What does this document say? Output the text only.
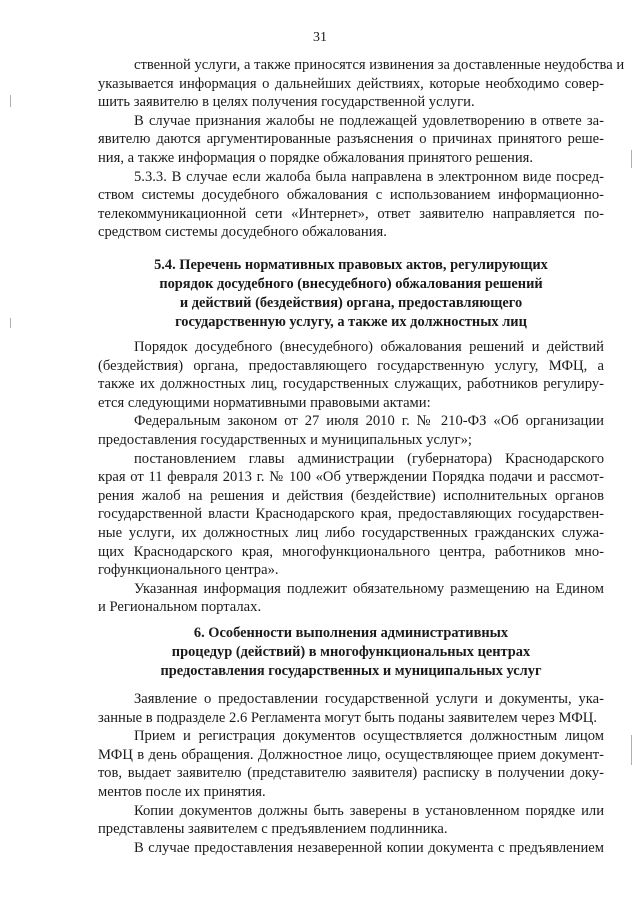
31
ственной услуги, а также приносятся извинения за доставленные неудобства и
указывается информация о дальнейших действиях, которые необходимо совер-
шить заявителю в целях получения государственной услуги.
В случае признания жалобы не подлежащей удовлетворению в ответе за-
явителю даются аргументированные разъяснения о причинах принятого реше-
ния, а также информация о порядке обжалования принятого решения.
5.3.3. В случае если жалоба была направлена в электронном виде посред-
ством системы досудебного обжалования с использованием информационно-
телекоммуникационной сети «Интернет», ответ заявителю направляется по-
средством системы досудебного обжалования.
5.4. Перечень нормативных правовых актов, регулирующих
порядок досудебного (внесудебного) обжалования решений
и действий (бездействия) органа, предоставляющего
государственную услугу, а также их должностных лиц
Порядок досудебного (внесудебного) обжалования решений и действий
(бездействия) органа, предоставляющего государственную услугу, МФЦ, а
также их должностных лиц, государственных служащих, работников регулиру-
ется следующими нормативными правовыми актами:
Федеральным законом от 27 июля 2010 г. № 210-ФЗ «Об организации
предоставления государственных и муниципальных услуг»;
постановлением главы администрации (губернатора) Краснодарского
края от 11 февраля 2013 г. № 100 «Об утверждении Порядка подачи и рассмот-
рения жалоб на решения и действия (бездействие) исполнительных органов
государственной власти Краснодарского края, предоставляющих государствен-
ные услуги, их должностных лиц либо государственных гражданских служа-
щих Краснодарского края, многофункционального центра, работников мно-
гофункционального центра».
Указанная информация подлежит обязательному размещению на Едином
и Региональном порталах.
6. Особенности выполнения административных
процедур (действий) в многофункциональных центрах
предоставления государственных и муниципальных услуг
Заявление о предоставлении государственной услуги и документы, ука-
занные в подразделе 2.6 Регламента могут быть поданы заявителем через МФЦ.
Прием и регистрация документов осуществляется должностным лицом
МФЦ в день обращения. Должностное лицо, осуществляющее прием документ-
тов, выдает заявителю (представителю заявителя) расписку в получении доку-
ментов после их принятия.
Копии документов должны быть заверены в установленном порядке или
представлены заявителем с предъявлением подлинника.
В случае предоставления незаверенной копии документа с предъявлением
